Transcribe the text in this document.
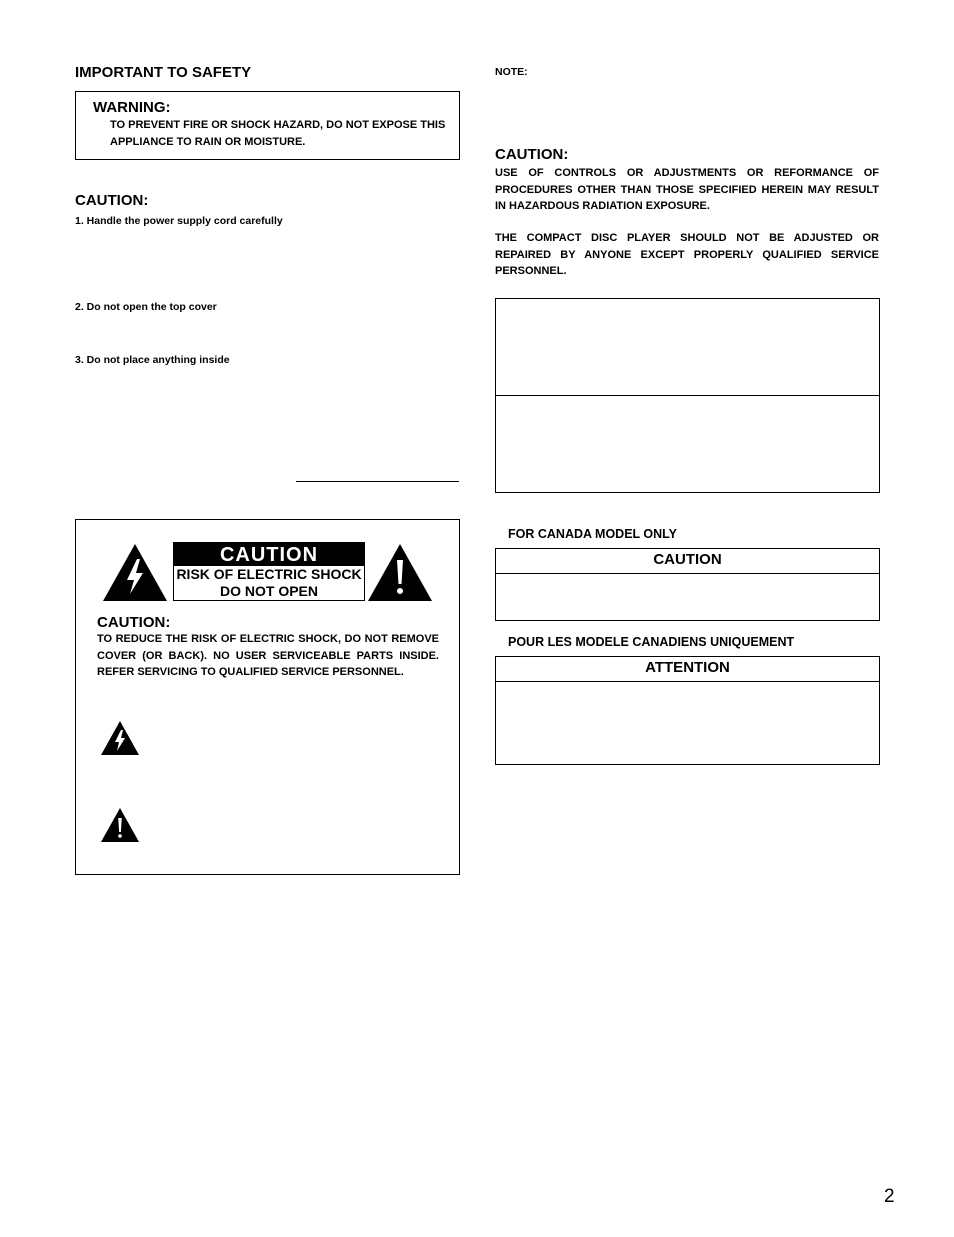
IMPORTANT TO SAFETY
WARNING:
TO PREVENT FIRE OR SHOCK HAZARD, DO NOT EXPOSE THIS APPLIANCE TO RAIN OR MOISTURE.
CAUTION:
1. Handle the power supply cord carefully
2. Do not open the top cover
3. Do not place anything inside
CAUTION
RISK OF ELECTRIC SHOCK
DO NOT OPEN
CAUTION:
TO REDUCE THE RISK OF ELECTRIC SHOCK, DO NOT REMOVE COVER (OR BACK). NO USER SERVICEABLE PARTS INSIDE. REFER SERVICING TO QUALIFIED SERVICE PERSONNEL.
NOTE:
CAUTION:
USE OF CONTROLS OR ADJUSTMENTS OR REFORMANCE OF PROCEDURES OTHER THAN THOSE SPECIFIED HEREIN MAY RESULT IN HAZARDOUS RADIATION EXPOSURE.
THE COMPACT DISC PLAYER SHOULD NOT BE ADJUSTED OR REPAIRED BY ANYONE EXCEPT PROPERLY QUALIFIED SERVICE PERSONNEL.
FOR CANADA MODEL ONLY
CAUTION
POUR LES MODELE CANADIENS UNIQUEMENT
ATTENTION
2
